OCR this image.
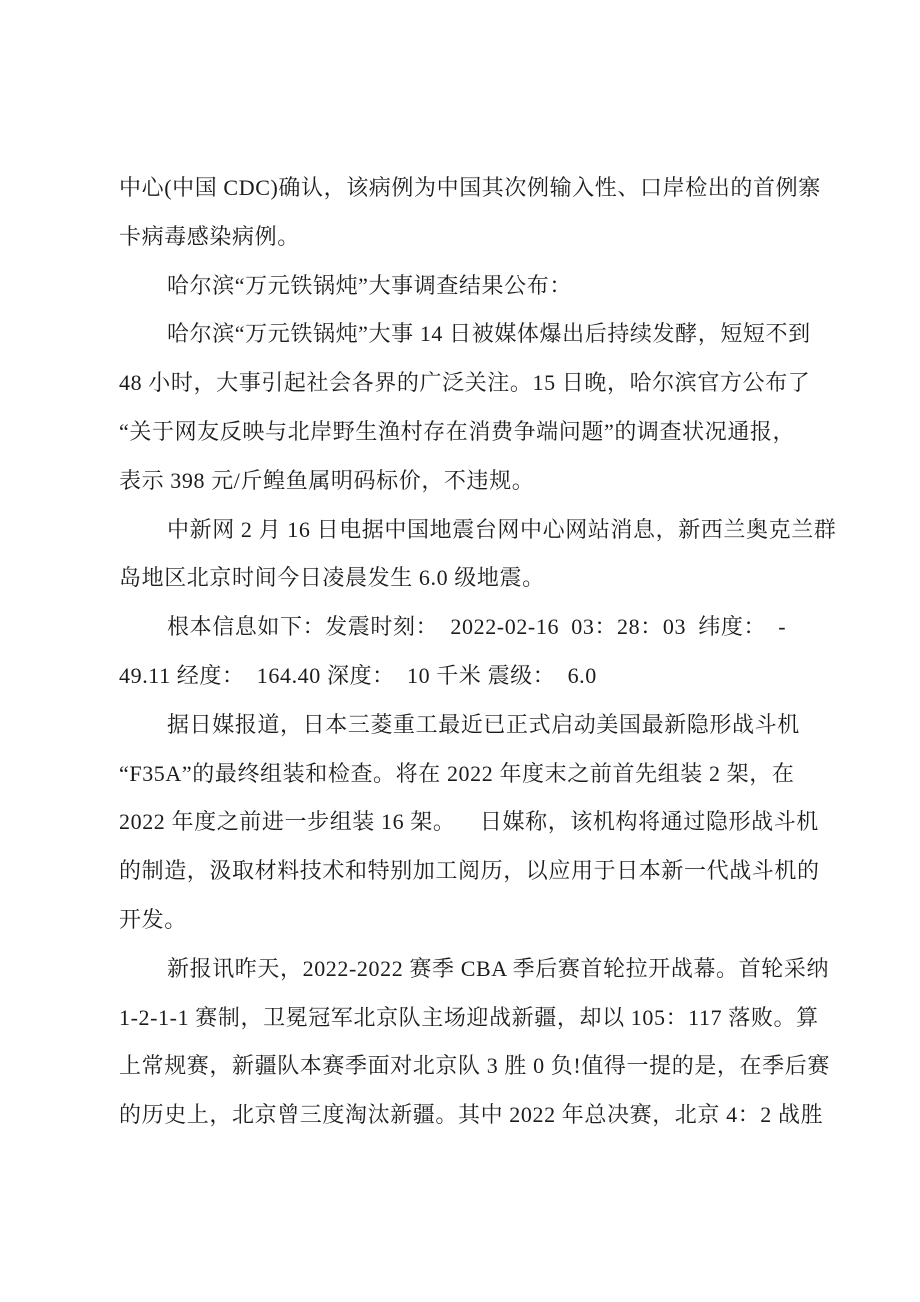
中心(中国 CDC)确认，该病例为中国其次例输入性、口岸检出的首例寨
卡病毒感染病例。
哈尔滨“万元铁锅炖”大事调查结果公布：
哈尔滨“万元铁锅炖”大事 14 日被媒体爆出后持续发酵，短短不到
48 小时，大事引起社会各界的广泛关注。15 日晚，哈尔滨官方公布了
“关于网友反映与北岸野生渔村存在消费争端问题”的调查状况通报，
表示 398 元/斤鳇鱼属明码标价，不违规。
中新网 2 月 16 日电据中国地震台网中心网站消息，新西兰奥克兰群
岛地区北京时间今日凌晨发生 6.0 级地震。
根本信息如下：发震时刻：  2022-02-16  03：28：03  纬度：  -
49.11 经度：  164.40 深度：  10 千米 震级：  6.0
据日媒报道，日本三菱重工最近已正式启动美国最新隐形战斗机
“F35A”的最终组装和检查。将在 2022 年度末之前首先组装 2 架，在
2022 年度之前进一步组装 16 架。    日媒称，该机构将通过隐形战斗机
的制造，汲取材料技术和特别加工阅历，以应用于日本新一代战斗机的
开发。
新报讯昨天，2022-2022 赛季 CBA 季后赛首轮拉开战幕。首轮采纳
1-2-1-1 赛制，卫冕冠军北京队主场迎战新疆，却以 105：117 落败。算
上常规赛，新疆队本赛季面对北京队 3 胜 0 负!值得一提的是，在季后赛
的历史上，北京曾三度淘汰新疆。其中 2022 年总决赛，北京 4：2 战胜
